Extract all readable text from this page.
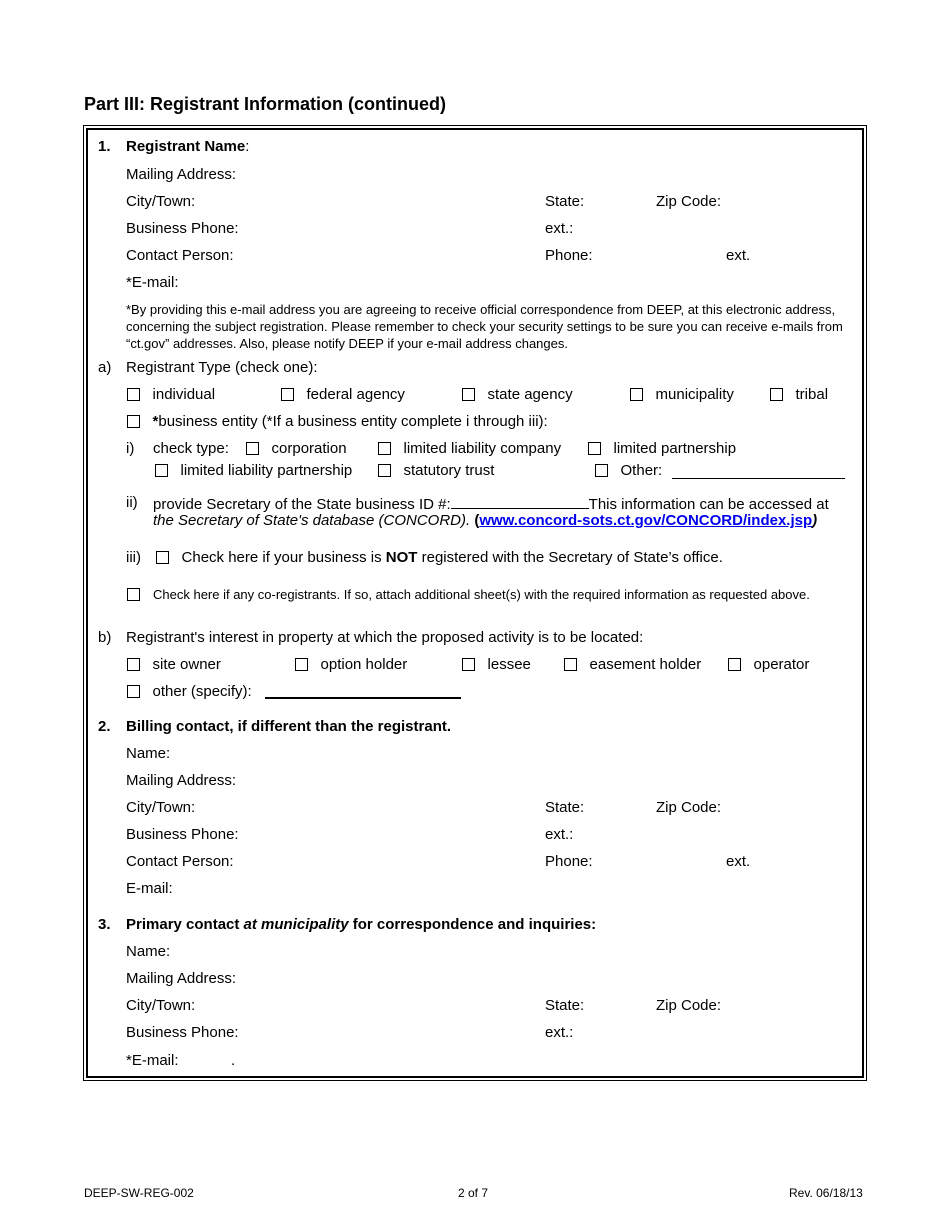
Part III: Registrant Information (continued)
1. Registrant Name:
Mailing Address:
City/Town:	State:	Zip Code:
Business Phone:	ext.:
Contact Person:	Phone:	ext.
*E-mail:
*By providing this e-mail address you are agreeing to receive official correspondence from DEEP, at this electronic address, concerning the subject registration. Please remember to check your security settings to be sure you can receive e-mails from “ct.gov” addresses. Also, please notify DEEP if your e-mail address changes.
a) Registrant Type (check one):
individual	federal agency	state agency	municipality	tribal
*business entity (*If a business entity complete i through iii):
i) check type:	corporation	limited liability company	limited partnership
limited liability partnership	statutory trust	Other:
ii) provide Secretary of the State business ID #:	This information can be accessed at
the Secretary of State's database (CONCORD). (www.concord-sots.ct.gov/CONCORD/index.jsp)
iii)	Check here if your business is NOT registered with the Secretary of State’s office.
Check here if any co-registrants. If so, attach additional sheet(s) with the required information as requested above.
b) Registrant's interest in property at which the proposed activity is to be located:
site owner	option holder	lessee	easement holder	operator
other (specify):
2. Billing contact, if different than the registrant.
Name:
Mailing Address:
City/Town:	State:	Zip Code:
Business Phone:	ext.:
Contact Person:	Phone:	ext.
E-mail:
3. Primary contact at municipality for correspondence and inquiries:
Name:
Mailing Address:
City/Town:	State:	Zip Code:
Business Phone:	ext.:
*E-mail:	.
DEEP-SW-REG-002	2 of 7	Rev. 06/18/13
